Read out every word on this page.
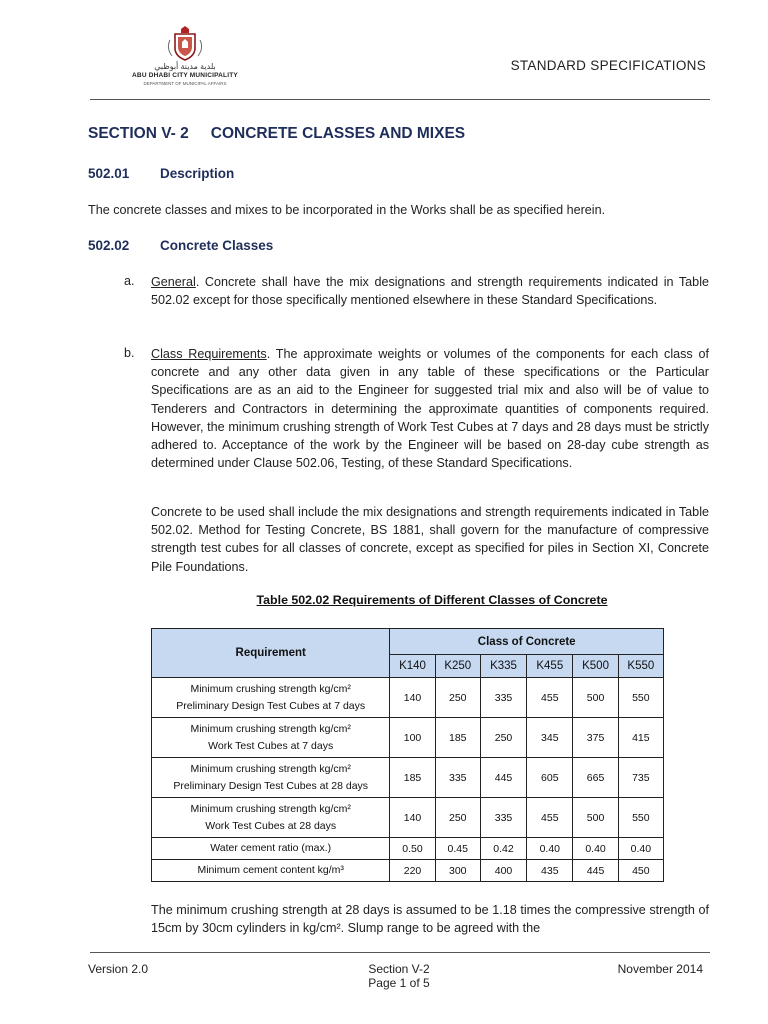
بلدية مدينة أبوظبي
ABU DHABI CITY MUNICIPALITY
DEPARTMENT OF MUNICIPAL AFFAIRS
STANDARD SPECIFICATIONS
SECTION V- 2 CONCRETE CLASSES AND MIXES
502.01 Description
The concrete classes and mixes to be incorporated in the Works shall be as specified herein.
502.02 Concrete Classes
a. General. Concrete shall have the mix designations and strength requirements indicated in Table 502.02 except for those specifically mentioned elsewhere in these Standard Specifications.
b. Class Requirements. The approximate weights or volumes of the components for each class of concrete and any other data given in any table of these specifications or the Particular Specifications are as an aid to the Engineer for suggested trial mix and also will be of value to Tenderers and Contractors in determining the approximate quantities of components required. However, the minimum crushing strength of Work Test Cubes at 7 days and 28 days must be strictly adhered to. Acceptance of the work by the Engineer will be based on 28-day cube strength as determined under Clause 502.06, Testing, of these Standard Specifications.
Concrete to be used shall include the mix designations and strength requirements indicated in Table 502.02. Method for Testing Concrete, BS 1881, shall govern for the manufacture of compressive strength test cubes for all classes of concrete, except as specified for piles in Section XI, Concrete Pile Foundations.
Table 502.02 Requirements of Different Classes of Concrete
Requirement	Class of Concrete					
	K140	K250	K335	K455	K500	K550
Minimum crushing strength kg/cm²
Preliminary Design Test Cubes at 7 days	140	250	335	455	500	550
Minimum crushing strength kg/cm²
Work Test Cubes at 7 days	100	185	250	345	375	415
Minimum crushing strength kg/cm²
Preliminary Design Test Cubes at 28 days	185	335	445	605	665	735
Minimum crushing strength kg/cm²
Work Test Cubes at 28 days	140	250	335	455	500	550
Water cement ratio (max.)	0.50	0.45	0.42	0.40	0.40	0.40
Minimum cement content kg/m³	220	300	400	435	445	450
The minimum crushing strength at 28 days is assumed to be 1.18 times the compressive strength of 15cm by 30cm cylinders in kg/cm². Slump range to be agreed with the
Version 2.0	Section V-2
Page 1 of 5
November 2014
